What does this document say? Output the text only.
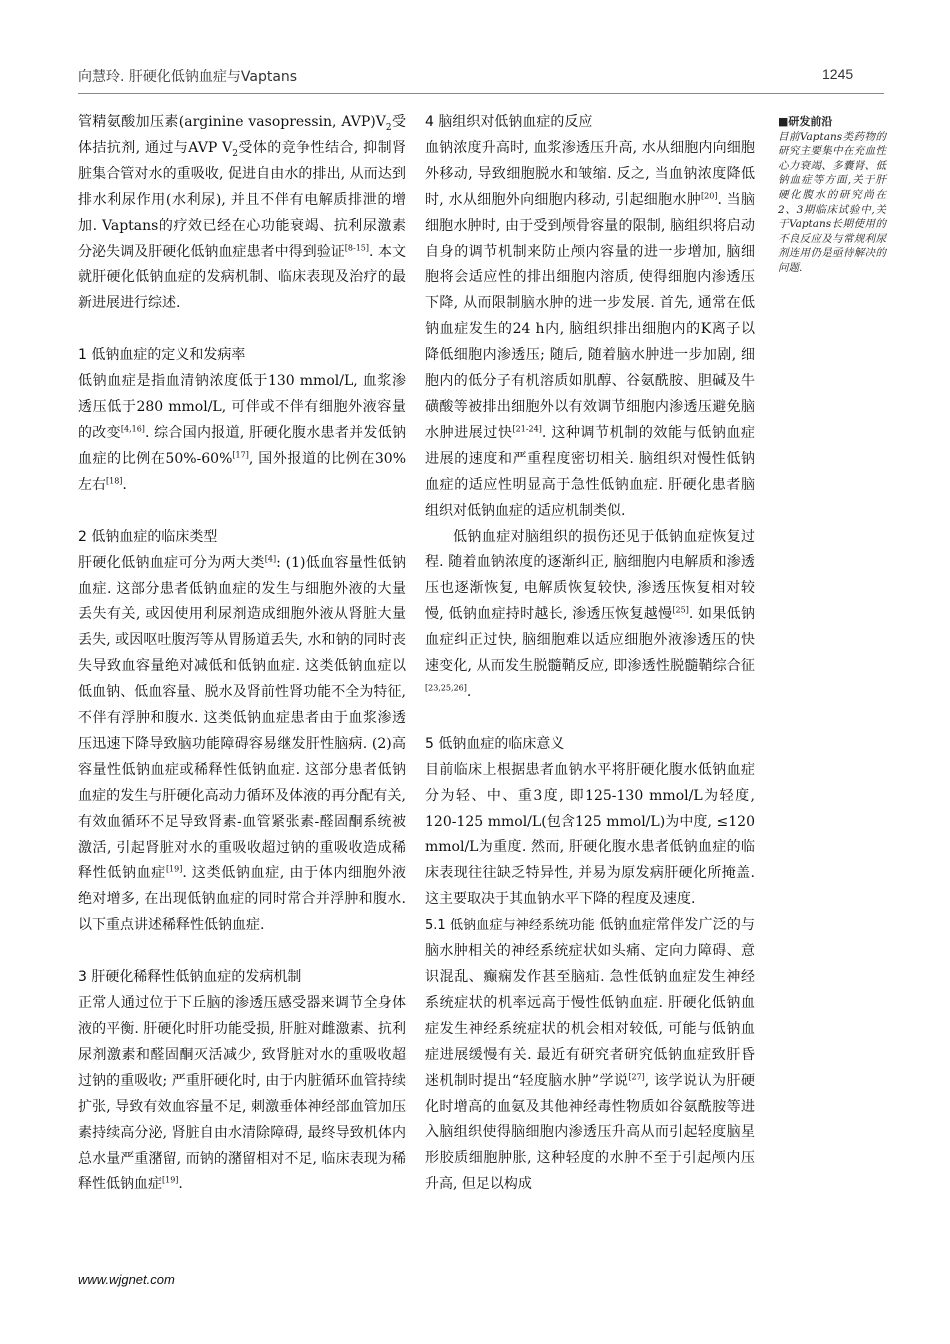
向慧玲. 肝硬化低钠血症与Vaptans	1245

管精氨酸加压素(arginine vasopressin, $AVP)V_2$受体拮抗剂, 通过与AVP $V_2$受体的竞争性结合, 抑制肾脏集合管对水的重吸收, 促进自由水的排出, 从而达到排水利尿作用(水利尿), 并且不伴有电解质排泄的增加. Vaptans的疗效已经在心功能衰竭、抗利尿激素分泌失调及肝硬化低钠血症患者中得到验证[8-15]. 本文就肝硬化低钠血症的发病机制、临床表现及治疗的最新进展进行综述.

1 低钠血症的定义和发病率

低钠血症是指血清钠浓度低于130 mmol/L, 血浆渗透压低于280 mmol/L, 可伴或不伴有细胞外液容量的改变[4,16]. 综合国内报道, 肝硬化腹水患者并发低钠血症的比例在50%-60%[17], 国外报道的比例在30%左右[18].

2 低钠血症的临床类型

肝硬化低钠血症可分为两大类[4]: (1)低血容量性低钠血症. 这部分患者低钠血症的发生与细胞外液的大量丢失有关, 或因使用利尿剂造成细胞外液从肾脏大量丢失, 或因呕吐腹泻等从胃肠道丢失, 水和钠的同时丧失导致血容量绝对减低和低钠血症. 这类低钠血症以低血钠、低血容量、脱水及肾前性肾功能不全为特征, 不伴有浮肿和腹水. 这类低钠血症患者由于血浆渗透压迅速下降导致脑功能障碍容易继发肝性脑病. (2)高容量性低钠血症或稀释性低钠血症. 这部分患者低钠血症的发生与肝硬化高动力循环及体液的再分配有关, 有效血循环不足导致肾素-血管紧张素-醛固酮系统被激活, 引起肾脏对水的重吸收超过钠的重吸收造成稀释性低钠血症[19]. 这类低钠血症, 由于体内细胞外液绝对增多, 在出现低钠血症的同时常合并浮肿和腹水. 以下重点讲述稀释性低钠血症.

3 肝硬化稀释性低钠血症的发病机制

正常人通过位于下丘脑的渗透压感受器来调节全身体液的平衡. 肝硬化时肝功能受损, 肝脏对雌激素、抗利尿剂激素和醛固酮灭活减少, 致肾脏对水的重吸收超过钠的重吸收; 严重肝硬化时, 由于内脏循环血管持续扩张, 导致有效血容量不足, 刺激垂体神经部血管加压素持续高分泌, 肾脏自由水清除障碍, 最终导致机体内总水量严重潴留, 而钠的潴留相对不足, 临床表现为稀释性低钠血症[19].

4 脑组织对低钠血症的反应

血钠浓度升高时, 血浆渗透压升高, 水从细胞内向细胞外移动, 导致细胞脱水和皱缩. 反之, 当血钠浓度降低时, 水从细胞外向细胞内移动, 引起细胞水肿[20]. 当脑细胞水肿时, 由于受到颅骨容量的限制, 脑组织将启动自身的调节机制来防止颅内容量的进一步增加, 脑细胞将会适应性的排出细胞内溶质, 使得细胞内渗透压下降, 从而限制脑水肿的进一步发展. 首先, 通常在低钠血症发生的24 h内, 脑组织排出细胞内的K离子以降低细胞内渗透压; 随后, 随着脑水肿进一步加剧, 细胞内的低分子有机溶质如肌醇、谷氨酰胺、胆碱及牛磺酸等被排出细胞外以有效调节细胞内渗透压避免脑水肿进展过快[21-24]. 这种调节机制的效能与低钠血症进展的速度和严重程度密切相关. 脑组织对慢性低钠血症的适应性明显高于急性低钠血症. 肝硬化患者脑组织对低钠血症的适应机制类似.

低钠血症对脑组织的损伤还见于低钠血症恢复过程. 随着血钠浓度的逐渐纠正, 脑细胞内电解质和渗透压也逐渐恢复, 电解质恢复较快, 渗透压恢复相对较慢, 低钠血症持时越长, 渗透压恢复越慢[25]. 如果低钠血症纠正过快, 脑细胞难以适应细胞外液渗透压的快速变化, 从而发生脱髓鞘反应, 即渗透性脱髓鞘综合征[23,25,26].

5 低钠血症的临床意义

目前临床上根据患者血钠水平将肝硬化腹水低钠血症分为轻、中、重3度, 即125-130 mmol/L为轻度, 120-125 mmol/L(包含125 mmol/L)为中度, ≤120 mmol/L为重度. 然而, 肝硬化腹水患者低钠血症的临床表现往往缺乏特异性, 并易为原发病肝硬化所掩盖. 这主要取决于其血钠水平下降的程度及速度.

5.1 低钠血症与神经系统功能 低钠血症常伴发广泛的与脑水肿相关的神经系统症状如头痛、定向力障碍、意识混乱、癫痫发作甚至脑疝. 急性低钠血症发生神经系统症状的机率远高于慢性低钠血症. 肝硬化低钠血症发生神经系统症状的机会相对较低, 可能与低钠血症进展缓慢有关. 最近有研究者研究低钠血症致肝昏迷机制时提出“轻度脑水肿”学说[27], 该学说认为肝硬化时增高的血氨及其他神经毒性物质如谷氨酰胺等进入脑组织使得脑细胞内渗透压升高从而引起轻度脑星形胶质细胞肿胀, 这种轻度的水肿不至于引起颅内压升高, 但足以构成

■研发前沿
目前Vaptans类药物的研究主要集中在充血性心力衰竭、多囊肾、低钠血症等方面,关于肝硬化腹水的研究尚在2、3期临床试验中,关于Vaptans长期使用的不良反应及与常规利尿剂连用仍是亟待解决的问题.
www.wjgnet.com
